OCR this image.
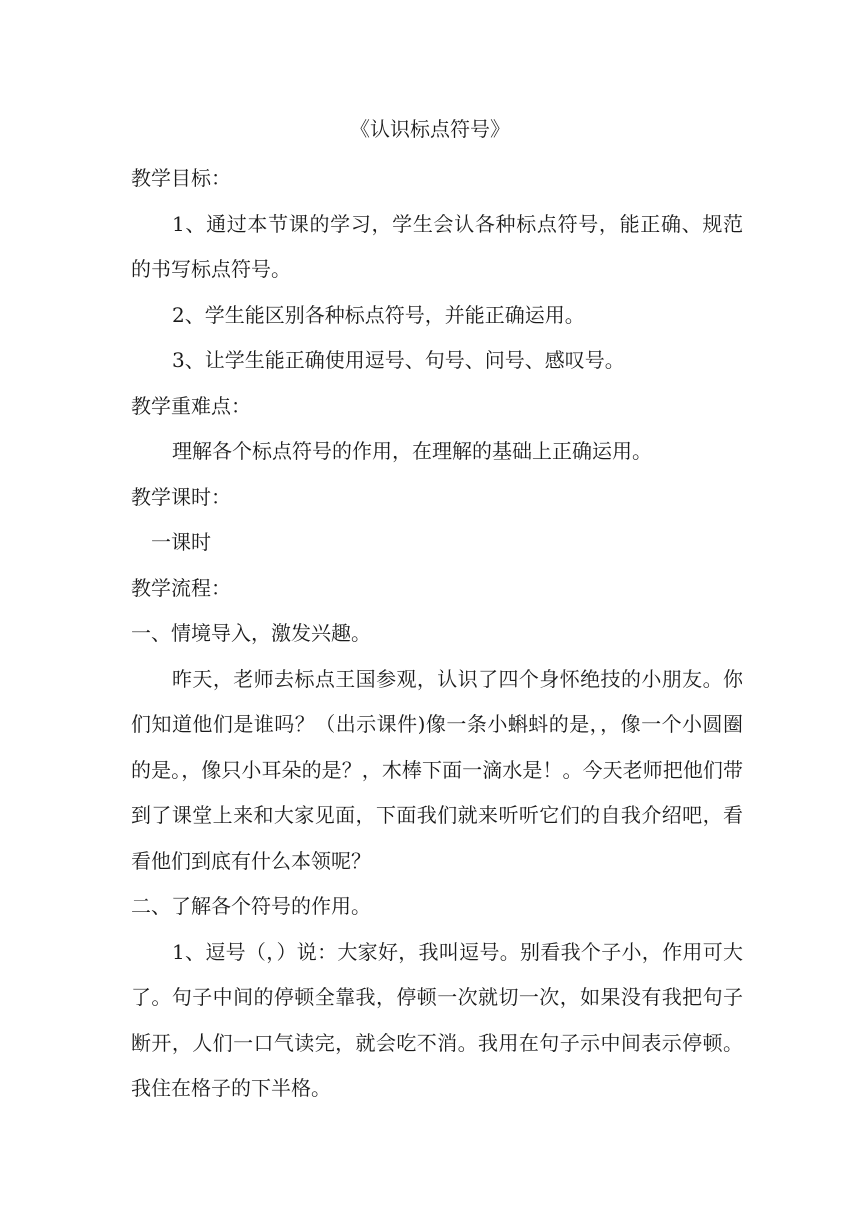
《认识标点符号》

教学目标：

1、通过本节课的学习，学生会认各种标点符号，能正确、规范的书写标点符号。

2、学生能区别各种标点符号，并能正确运用。

3、让学生能正确使用逗号、句号、问号、感叹号。

教学重难点：

理解各个标点符号的作用，在理解的基础上正确运用。

教学课时：

一课时

教学流程：

一、情境导入，激发兴趣。

昨天，老师去标点王国参观，认识了四个身怀绝技的小朋友。你们知道他们是谁吗？（出示课件)像一条小蝌蚪的是，，像一个小圆圈的是。，像只小耳朵的是？，木棒下面一滴水是！。今天老师把他们带到了课堂上来和大家见面，下面我们就来听听它们的自我介绍吧，看看他们到底有什么本领呢？

二、了解各个符号的作用。

1、逗号（，）说：大家好，我叫逗号。别看我个子小，作用可大了。句子中间的停顿全靠我，停顿一次就切一次，如果没有我把句子断开，人们一口气读完，就会吃不消。我用在句子示中间表示停顿。我住在格子的下半格。
